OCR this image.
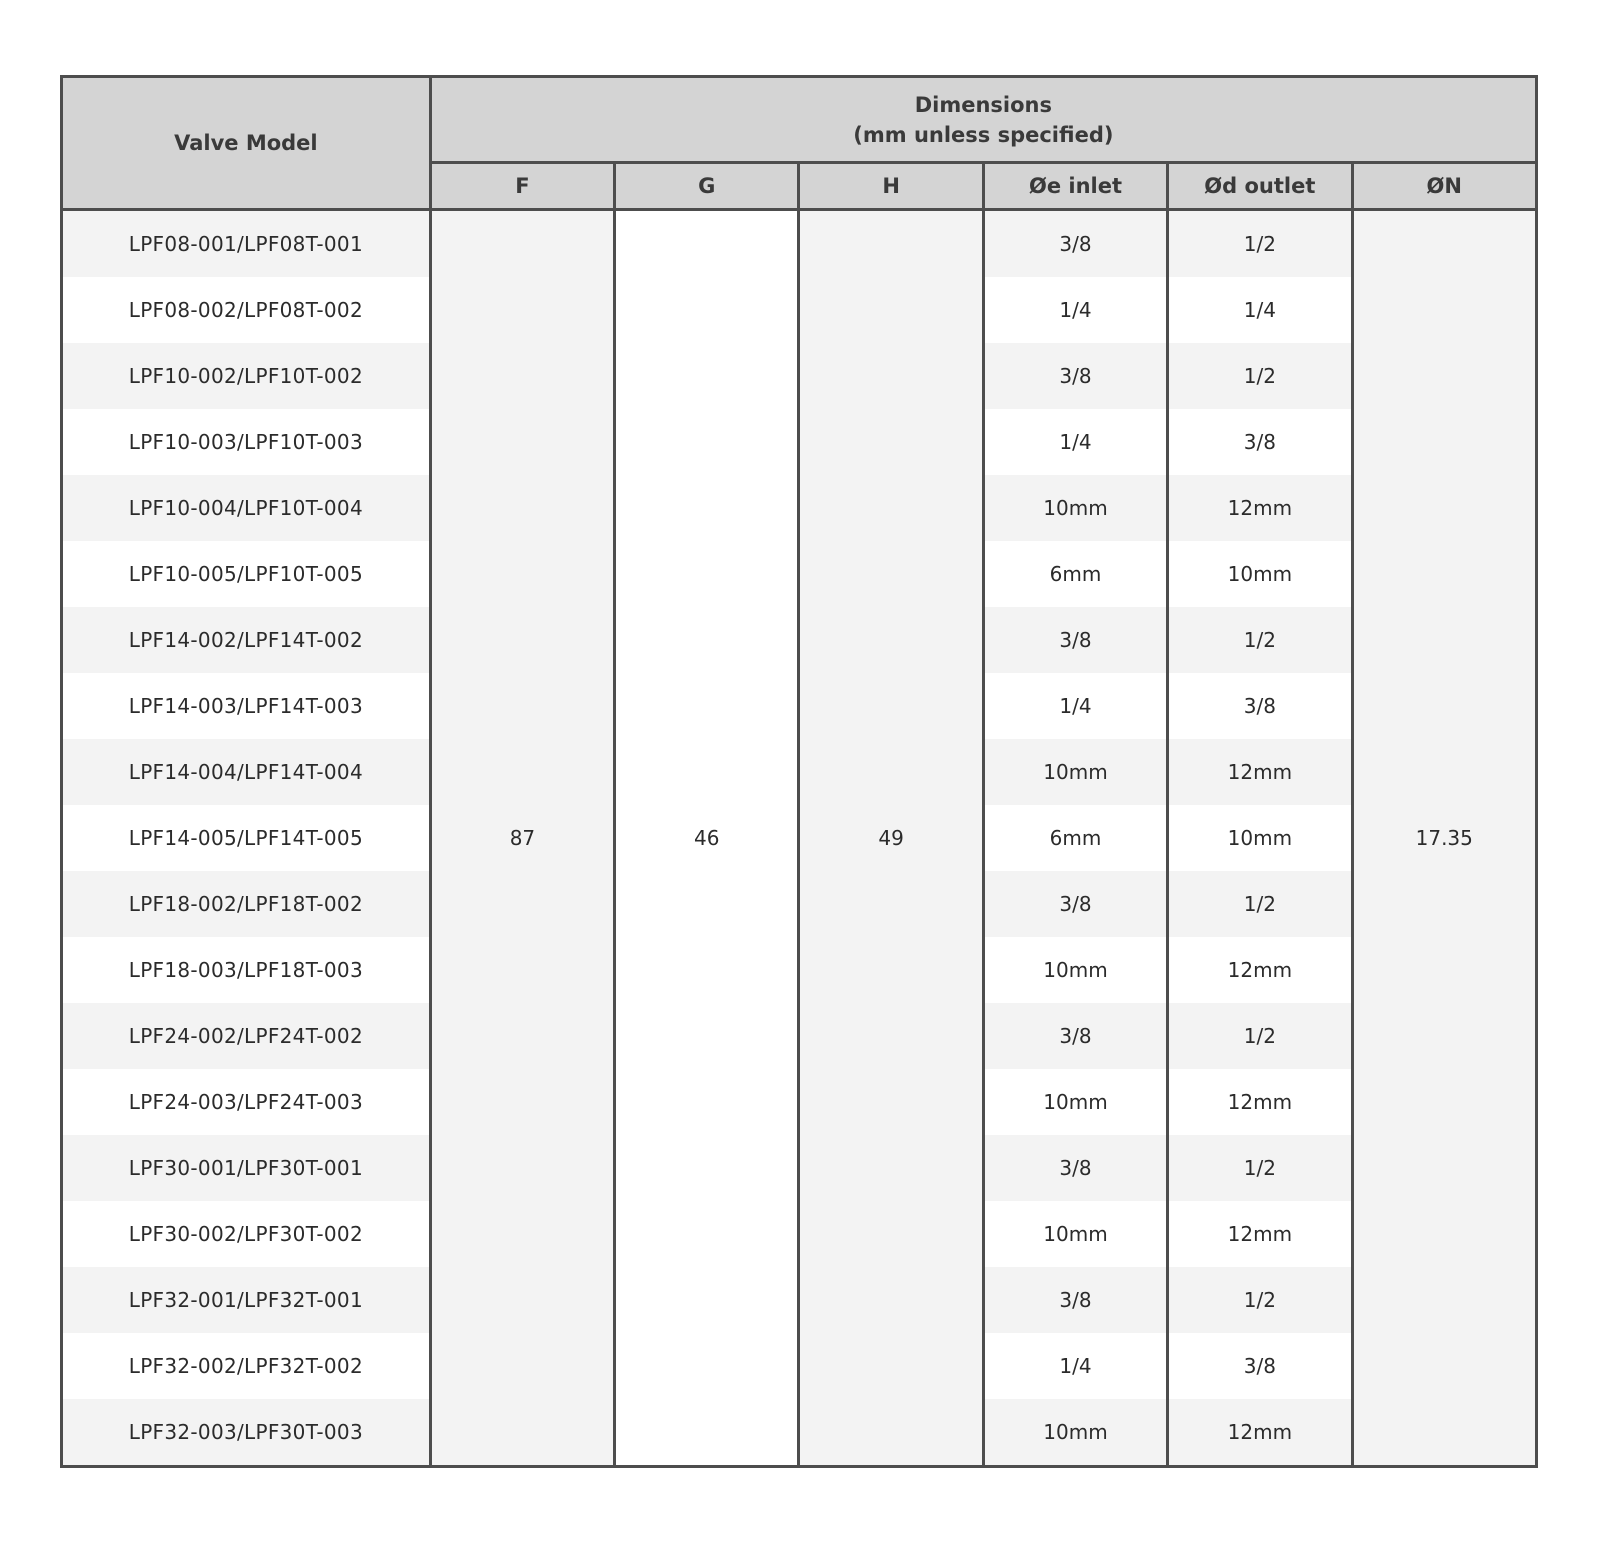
Valve Model	Dimensions
(mm unless specified)					

	F	G	H	Øe inlet	Ød outlet	ØN
LPF08-001/LPF08T-001	87	46	49	3/8	1/2	17.35
LPF08-002/LPF08T-002				1/4	1/4	
LPF10-002/LPF10T-002				3/8	1/2	
LPF10-003/LPF10T-003				1/4	3/8	
LPF10-004/LPF10T-004				10mm	12mm	
LPF10-005/LPF10T-005				6mm	10mm	
LPF14-002/LPF14T-002				3/8	1/2	
LPF14-003/LPF14T-003				1/4	3/8	
LPF14-004/LPF14T-004				10mm	12mm	
LPF14-005/LPF14T-005				6mm	10mm	
LPF18-002/LPF18T-002				3/8	1/2	
LPF18-003/LPF18T-003				10mm	12mm	
LPF24-002/LPF24T-002				3/8	1/2	
LPF24-003/LPF24T-003				10mm	12mm	
LPF30-001/LPF30T-001				3/8	1/2	
LPF30-002/LPF30T-002				10mm	12mm	
LPF32-001/LPF32T-001				3/8	1/2	
LPF32-002/LPF32T-002				1/4	3/8	
LPF32-003/LPF30T-003				10mm	12mm	
